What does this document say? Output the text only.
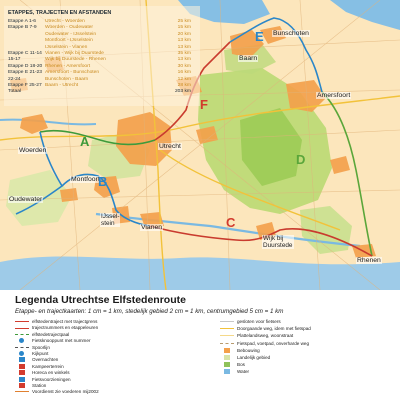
ETAPPES, TRAJECTEN EN AFSTANDEN
Etappe A 1-6 Utrecht - Woerden	25 km
Etappe B 7-9 Woerden - Oudewater	15 km
Oudewater - IJsselstein	20 km
Montfoort - IJsselstein	13 km
IJsselstein - Vianen	13 km
Etappe C 11-14 Vianen - Wijk bij Duurstede	35 km
15-17	Wijk bij Duurstede - Rhenen	13 km
Etappe D 18-20 Rhenen - Amersfoort	30 km
Etappe E 21-23 Amersfoort - Bunschoten	16 km
22-24	Bunschoten - Baarn	12 km
Etappe F 25-27 Baarn - Utrecht	28 km
Totaal	203 km
Bunschoten
Baarn
Amersfoort
Woerden
Utrecht
Montfoort
Oudewater
IJssel-
stein
Vianen
Wijk bij
Duurstede
Rhenen
A
B
C
D
E
F
Legenda Utrechtse Elfstedenroute
Etappe- en trajectkaarten: 1 cm = 1 km, stedelijk gebied 2 cm = 1 km, centrumgebied 5 cm = 1 km
elfstedentraject met trajectgrens
trajectnummers en etappeleuren
elfstedetrajectpaal
Fietsknooppunt met nummer
Spoorlijn
Kijkpunt
Overnachten
Kampeerterrein
Horeca en winkels
Fietsvoorzieningen
Station
Voordienst zie voederen mij2002
gesloten voor fietsers
Doorgaande weg, idem met fietspad
Plattelandsweg, woonstraat
Fietspad, voetpad, onverharde weg
Bebouwing
Landelijk gebied
Bos
Water
